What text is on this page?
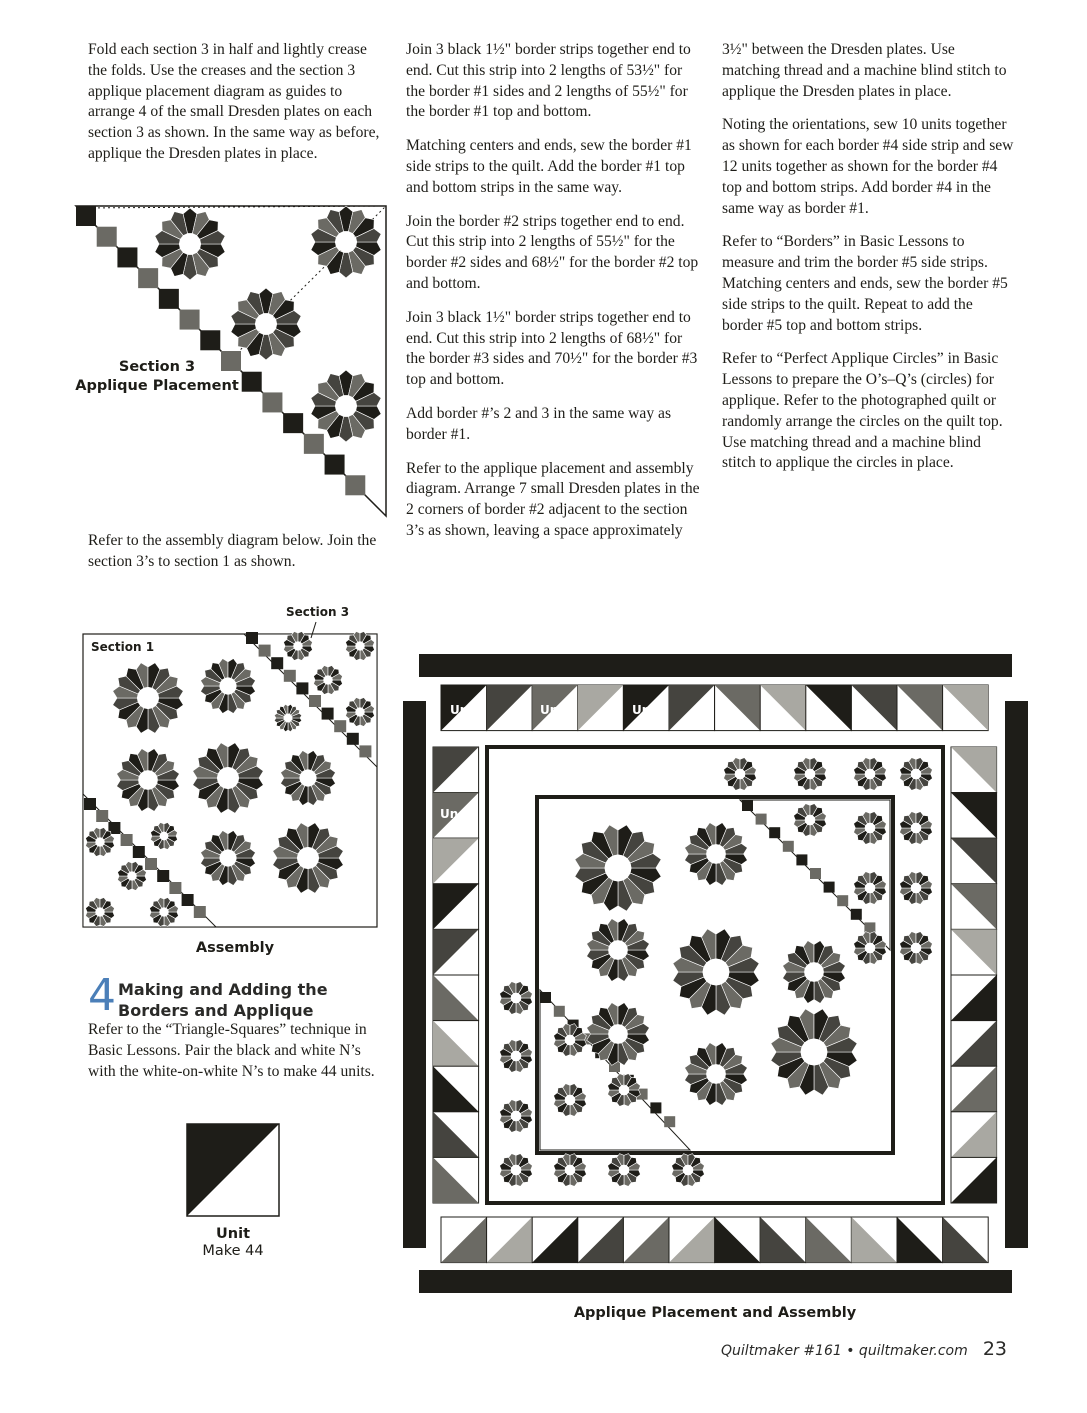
Fold each section 3 in half and lightly crease the folds. Use the creases and the section 3 applique placement diagram as guides to arrange 4 of the small Dresden plates on each section 3 as shown. In the same way as before, applique the Dresden plates in place.

Section 3
Applique Placement

Refer to the assembly diagram below. Join the section 3’s to section 1 as shown.

Section 1
Section 3
Assembly
4 Making and Adding the
Borders and Applique

Refer to the “Triangle-Squares” technique in Basic Lessons. Pair the black and white N’s with the white-on-white N’s to make 44 units.

Unit
Make 44

Join 3 black 1½" border strips together end to end. Cut this strip into 2 lengths of 53½" for the border #1 sides and 2 lengths of 55½" for the border #1 top and bottom.

Matching centers and ends, sew the border #1 side strips to the quilt. Add the border #1 top and bottom strips in the same way.

Join the border #2 strips together end to end. Cut this strip into 2 lengths of 55½" for the border #2 sides and 68½" for the border #2 top and bottom.

Join 3 black 1½" border strips together end to end. Cut this strip into 2 lengths of 68½" for the border #3 sides and 70½" for the border #3 top and bottom.

Add border #’s 2 and 3 in the same way as border #1.

Refer to the applique placement and assembly diagram. Arrange 7 small Dresden plates in the 2 corners of border #2 adjacent to the section 3’s as shown, leaving a space approximately

3½" between the Dresden plates. Use matching thread and a machine blind stitch to applique the Dresden plates in place.

Noting the orientations, sew 10 units together as shown for each border #4 side strip and sew 12 units together as shown for the border #4 top and bottom strips. Add border #4 in the same way as border #1.

Refer to “Borders” in Basic Lessons to measure and trim the border #5 side strips. Matching centers and ends, sew the border #5 side strips to the quilt. Repeat to add the border #5 top and bottom strips.

Refer to “Perfect Applique Circles” in Basic Lessons to prepare the O’s–Q’s (circles) for applique. Refer to the photographed quilt or randomly arrange the circles on the quilt top. Use matching thread and a machine blind stitch to applique the circles in place.

Un	Un	Un
Un
Applique Placement and Assembly
Quiltmaker #161 • quiltmaker.com 23
